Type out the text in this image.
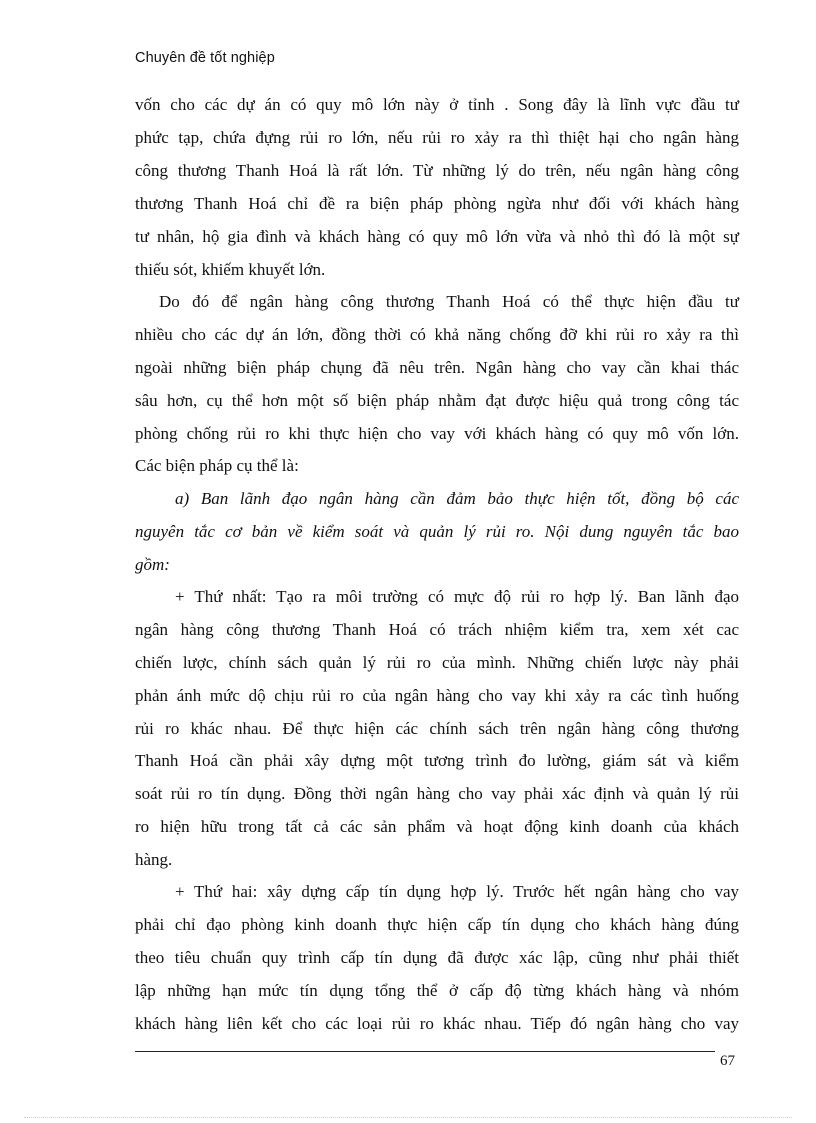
Chuyên đề tốt nghiệp
vốn cho các dự án có quy mô lớn này ở tỉnh . Song đây là lĩnh vực đầu tư
phức tạp, chứa đựng rủi ro lớn, nếu rủi ro xảy ra thì thiệt hại cho ngân hàng
công thương Thanh Hoá là rất lớn. Từ những lý do trên, nếu ngân hàng công
thương Thanh Hoá chỉ đề ra biện pháp phòng ngừa như đối với khách hàng
tư nhân, hộ gia đình và khách hàng có quy mô lớn vừa và nhỏ thì đó là một sự
thiếu sót, khiếm khuyết lớn.
Do đó để ngân hàng công thương Thanh Hoá có thể thực hiện đầu tư
nhiều cho các dự án lớn, đồng thời có khả năng chống đỡ khi rủi ro xảy ra thì
ngoài những biện pháp chụng đã nêu trên. Ngân hàng cho vay cần khai thác
sâu hơn, cụ thể hơn một số biện pháp nhằm đạt được hiệu quả trong công tác
phòng chống rủi ro khi thực hiện cho vay với khách hàng có quy mô vốn lớn.
Các biện pháp cụ thể là:
a) Ban lãnh đạo ngân hàng cần đảm bảo thực hiện tốt, đồng bộ các
nguyên tắc cơ bản về kiểm soát và quản lý rủi ro. Nội dung nguyên tắc bao
gồm:
+ Thứ nhất: Tạo ra môi trường có mực độ rủi ro hợp lý. Ban lãnh đạo
ngân hàng công thương Thanh Hoá có trách nhiệm kiểm tra, xem xét cac
chiến lược, chính sách quản lý rủi ro của mình. Những chiến lược này phải
phản ánh mức dộ chịu rủi ro của ngân hàng cho vay khi xảy ra các tình huống
rủi ro khác nhau. Để thực hiện các chính sách trên ngân hàng công thương
Thanh Hoá cần phải xây dựng một tương trình đo lường, giám sát và kiểm
soát rủi ro tín dụng. Đồng thời ngân hàng cho vay phải xác định và quản lý rủi
ro hiện hữu trong tất cả các sản phẩm và hoạt động kinh doanh của khách
hàng.
+ Thứ hai: xây dựng cấp tín dụng hợp lý. Trước hết ngân hàng cho vay
phải chỉ đạo phòng kinh doanh thực hiện cấp tín dụng cho khách hàng đúng
theo tiêu chuẩn quy trình cấp tín dụng đã được xác lập, cũng như phải thiết
lập những hạn mức tín dụng tổng thể ở cấp độ từng khách hàng và nhóm
khách hàng liên kết cho các loại rủi ro khác nhau. Tiếp đó ngân hàng cho vay
67
